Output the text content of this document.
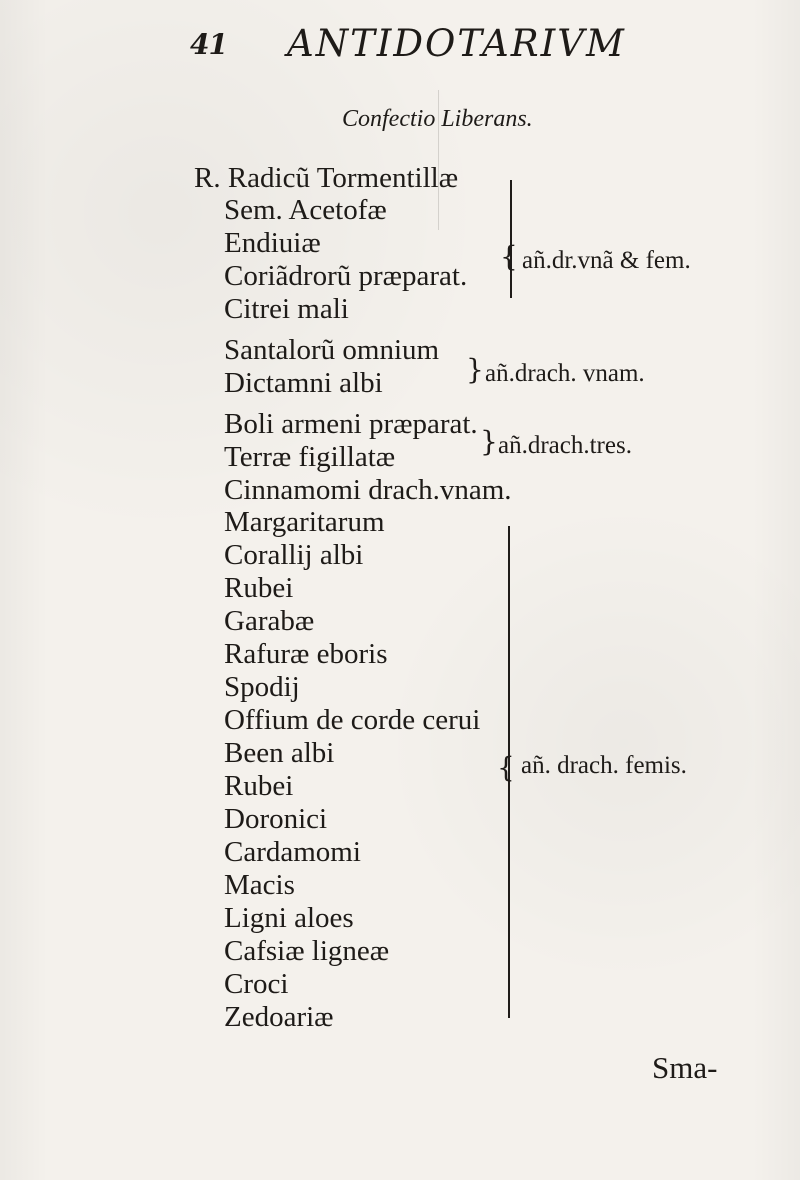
41 ANTIDOTARIVM
Confectio Liberans.
R. Radicũ Tormentillæ
Sem. Acetofæ
Endiuiæ
Coriãdrorũ præparat.
Citrei mali
Santalorũ omnium
Dictamni albi
Boli armeni præparat.
Terræ figillatæ
Cinnamomi drach.vnam.
Margaritarum
Corallij albi
Rubei
Garabæ
Rafuræ eboris
Spodij
Offium de corde cerui
Been albi
Rubei
Doronici
Cardamomi
Macis
Ligni aloes
Cafsiæ ligneæ
Croci
Zedoariæ
{ añ.dr.vnã & fem.
} añ.drach. vnam.
} añ.drach.tres.
{ añ. drach. femis.
Sma-
